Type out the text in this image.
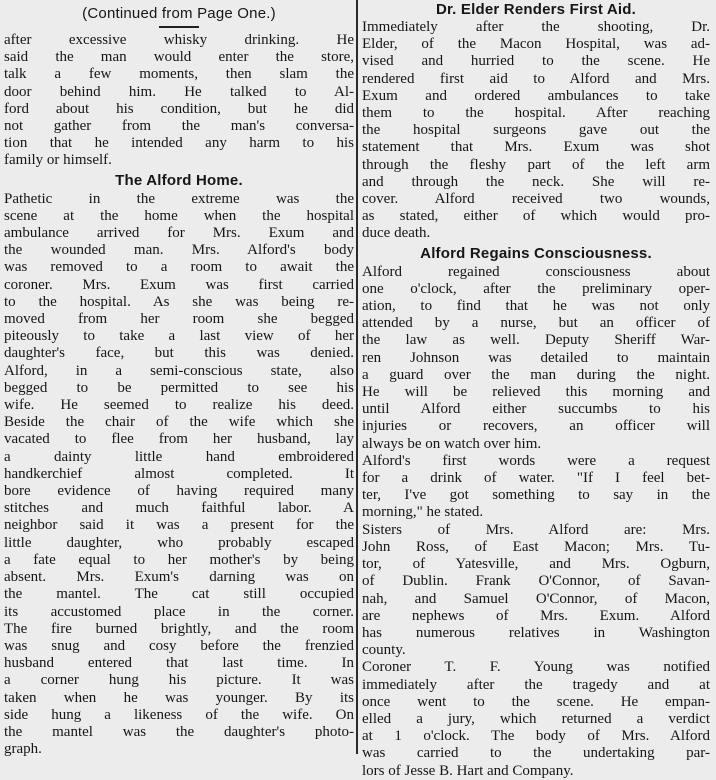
(Continued from Page One.)
after excessive whisky drinking. He
said the man would enter the store,
talk a few moments, then slam the
door behind him. He talked to Al-
ford about his condition, but he did
not gather from the man's conversa-
tion that he intended any harm to his
family or himself.
The Alford Home.
Pathetic in the extreme was the
scene at the home when the hospital
ambulance arrived for Mrs. Exum and
the wounded man. Mrs. Alford's body
was removed to a room to await the
coroner. Mrs. Exum was first carried
to the hospital. As she was being re-
moved from her room she begged
piteously to take a last view of her
daughter's face, but this was denied.
Alford, in a semi-conscious state, also
begged to be permitted to see his
wife. He seemed to realize his deed.
Beside the chair of the wife which she
vacated to flee from her husband, lay
a dainty little hand embroidered
handkerchief almost completed. It
bore evidence of having required many
stitches and much faithful labor. A
neighbor said it was a present for the
little daughter, who probably escaped
a fate equal to her mother's by being
absent. Mrs. Exum's darning was on
the mantel. The cat still occupied
its accustomed place in the corner.
The fire burned brightly, and the room
was snug and cosy before the frenzied
husband entered that last time. In
a corner hung his picture. It was
taken when he was younger. By its
side hung a likeness of the wife. On
the mantel was the daughter's photo-
graph.
Dr. Elder Renders First Aid.
Immediately after the shooting, Dr.
Elder, of the Macon Hospital, was ad-
vised and hurried to the scene. He
rendered first aid to Alford and Mrs.
Exum and ordered ambulances to take
them to the hospital. After reaching
the hospital surgeons gave out the
statement that Mrs. Exum was shot
through the fleshy part of the left arm
and through the neck. She will re-
cover. Alford received two wounds,
as stated, either of which would pro-
duce death.
Alford Regains Consciousness.
Alford regained consciousness about
one o'clock, after the preliminary oper-
ation, to find that he was not only
attended by a nurse, but an officer of
the law as well. Deputy Sheriff War-
ren Johnson was detailed to maintain
a guard over the man during the night.
He will be relieved this morning and
until Alford either succumbs to his
injuries or recovers, an officer will
always be on watch over him.
Alford's first words were a request
for a drink of water. "If I feel bet-
ter, I've got something to say in the
morning," he stated.
Sisters of Mrs. Alford are: Mrs.
John Ross, of East Macon; Mrs. Tu-
tor, of Yatesville, and Mrs. Ogburn,
of Dublin. Frank O'Connor, of Savan-
nah, and Samuel O'Connor, of Macon,
are nephews of Mrs. Exum. Alford
has numerous relatives in Washington
county.
Coroner T. F. Young was notified
immediately after the tragedy and at
once went to the scene. He empan-
elled a jury, which returned a verdict
at 1 o'clock. The body of Mrs. Alford
was carried to the undertaking par-
lors of Jesse B. Hart and Company.
